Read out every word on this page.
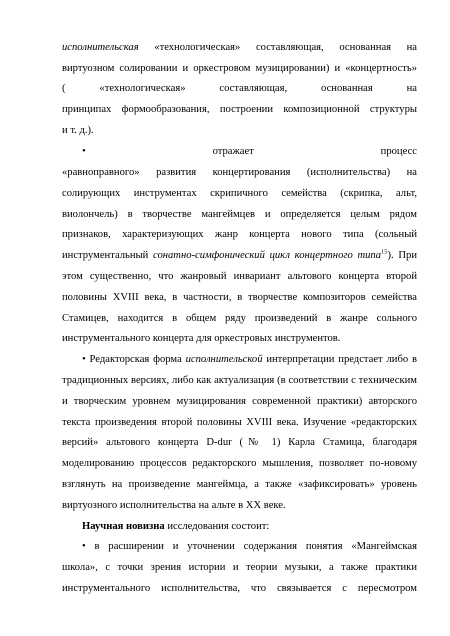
исполнительская «технологическая» составляющая, основанная на
виртуозном солировании и оркестровом музицировании) и «концертность»
(	«технологическая»	составляющая,	основанная	на
принципах формообразования, построении композиционной структуры
и т. д.).
•	отражает процесс
«равноправного» развития концертирования (исполнительства) на
солирующих инструментах скрипичного семейства (скрипка, альт,
виолончель) в творчестве мангеймцев и определяется целым рядом
признаков, характеризующих жанр концерта нового типа (сольный
инструментальный сонатно-симфонический цикл концертного типа$^{15}$). При
этом существенно, что жанровый инвариант альтового концерта второй
половины XVIII века, в частности, в творчестве композиторов семейства
Стамицев, находится в общем ряду произведений в жанре сольного
инструментального концерта для оркестровых инструментов.
• Редакторская форма исполнительской интерпретации предстает либо в
традиционных версиях, либо как актуализация (в соответствии с техническим
и творческим уровнем музицирования современной практики) авторского
текста произведения второй половины XVIII века. Изучение «редакторских
версий» альтового концерта D-dur (№ 1) Карла Стамица, благодаря
моделированию процессов редакторского мышления, позволяет по-новому
взглянуть на произведение мангеймца, а также «зафиксировать» уровень
виртуозного исполнительства на альте в XX веке.
Научная новизна исследования состоит:
• в расширении и уточнении содержания понятия «Мангеймская
школа», с точки зрения истории и теории музыки, а также практики
инструментального исполнительства, что связывается с пересмотром
